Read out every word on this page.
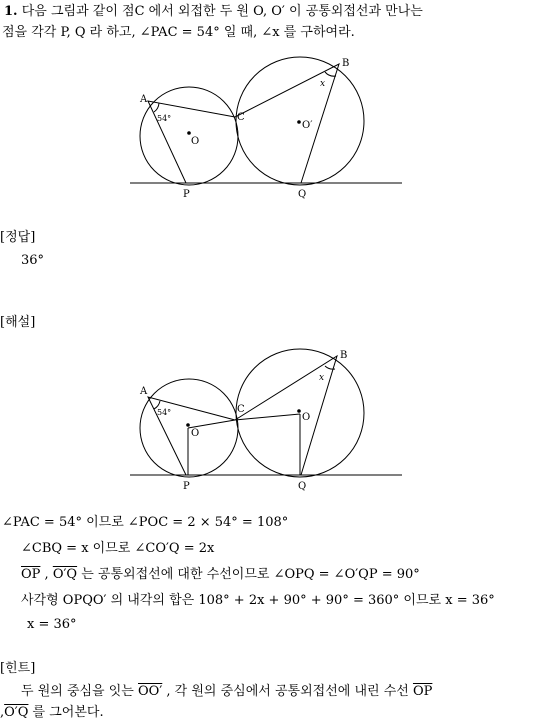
1. 다음 그림과 같이 점C 에서 외접한 두 원 O, O′ 이 공통외접선과 만나는
점을 각각 P, Q 라 하고, ∠PAC = 54° 일 때, ∠x 를 구하여라.
A
B
C
O
O′
P	Q
54°
x
[정답]
36°
[해설]
A
B
C
O
O
P	Q
54°
x
∠PAC = 54° 이므로 ∠POC = 2 × 54° = 108°
∠CBQ = x 이므로 ∠CO′Q = 2x
$\overline{OP}$ , O′Q 는 공통외접선에 대한 수선이므로 ∠OPQ = ∠O′QP = 90°
사각형 OPQO′ 의 내각의 합은 108° + 2x + 90° + 90° = 360° 이므로 x = 36°
x = 36°
[힌트]
두 원의 중심을 잇는 OO′ , 각 원의 중심에서 공통외접선에 내린 수선 $\overline{OP}$
,O′Q 를 그어본다.
